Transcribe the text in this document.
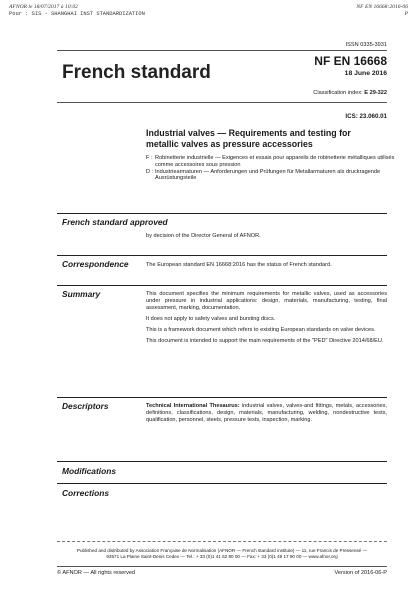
AFNOR le 18/07/2017 à 10:02
Pour : SIS - SHANGHAI INST STANDARDIZATION
NF EN 16668:2016-06
P
ISSN 0335-3931
French standard
NF EN 16668
18 June 2016
Classification index: E 29-322
ICS: 23.060.01
Industrial valves — Requirements and testing for metallic valves as pressure accessories
F : Robinetterie industrielle — Exigences et essais pour appareils de robinetterie métalliques utilisés comme accessoires sous pression
D : Industriearmaturen — Anforderungen und Prüfungen für Metallarmaturen als druckragende Ausrüstungsteile
French standard approved
by decision of the Director General of AFNOR.
Correspondence	The European standard EN 16668:2016 has the status of French standard.
Summary	This document specifies the minimum requirements for metallic valves, used as accessories under pressure in industrial applications: design, materials, manufacturing, testing, final assessment, marking, documentation.

It does not apply to safety valves and bursting discs.

This is a framework document which refers to existing European standards on valve devices.

This document is intended to support the main requirements of the "PED" Directive 2014/68/EU.

Descriptors	Technical International Thesaurus: industrial valves, valves-and fittings, metals, accessories, definitions, classifications, design, materials, manufacturing, welding, nondestructive tests, qualification, personnel, steels, pressure tests, inspection, marking.
Modifications
Corrections
Published and distributed by Association Française de Normalisation (AFNOR — French standard institute) — 11, rue Francis de Pressensé —
93571 La Plaine Saint-Denis Cedex — Tel.: + 33 (0)1 41 62 80 00 — Fax: + 33 (0)1 49 17 90 00 — www.afnor.org
© AFNOR — All rights reserved	Version of 2016-06-P
